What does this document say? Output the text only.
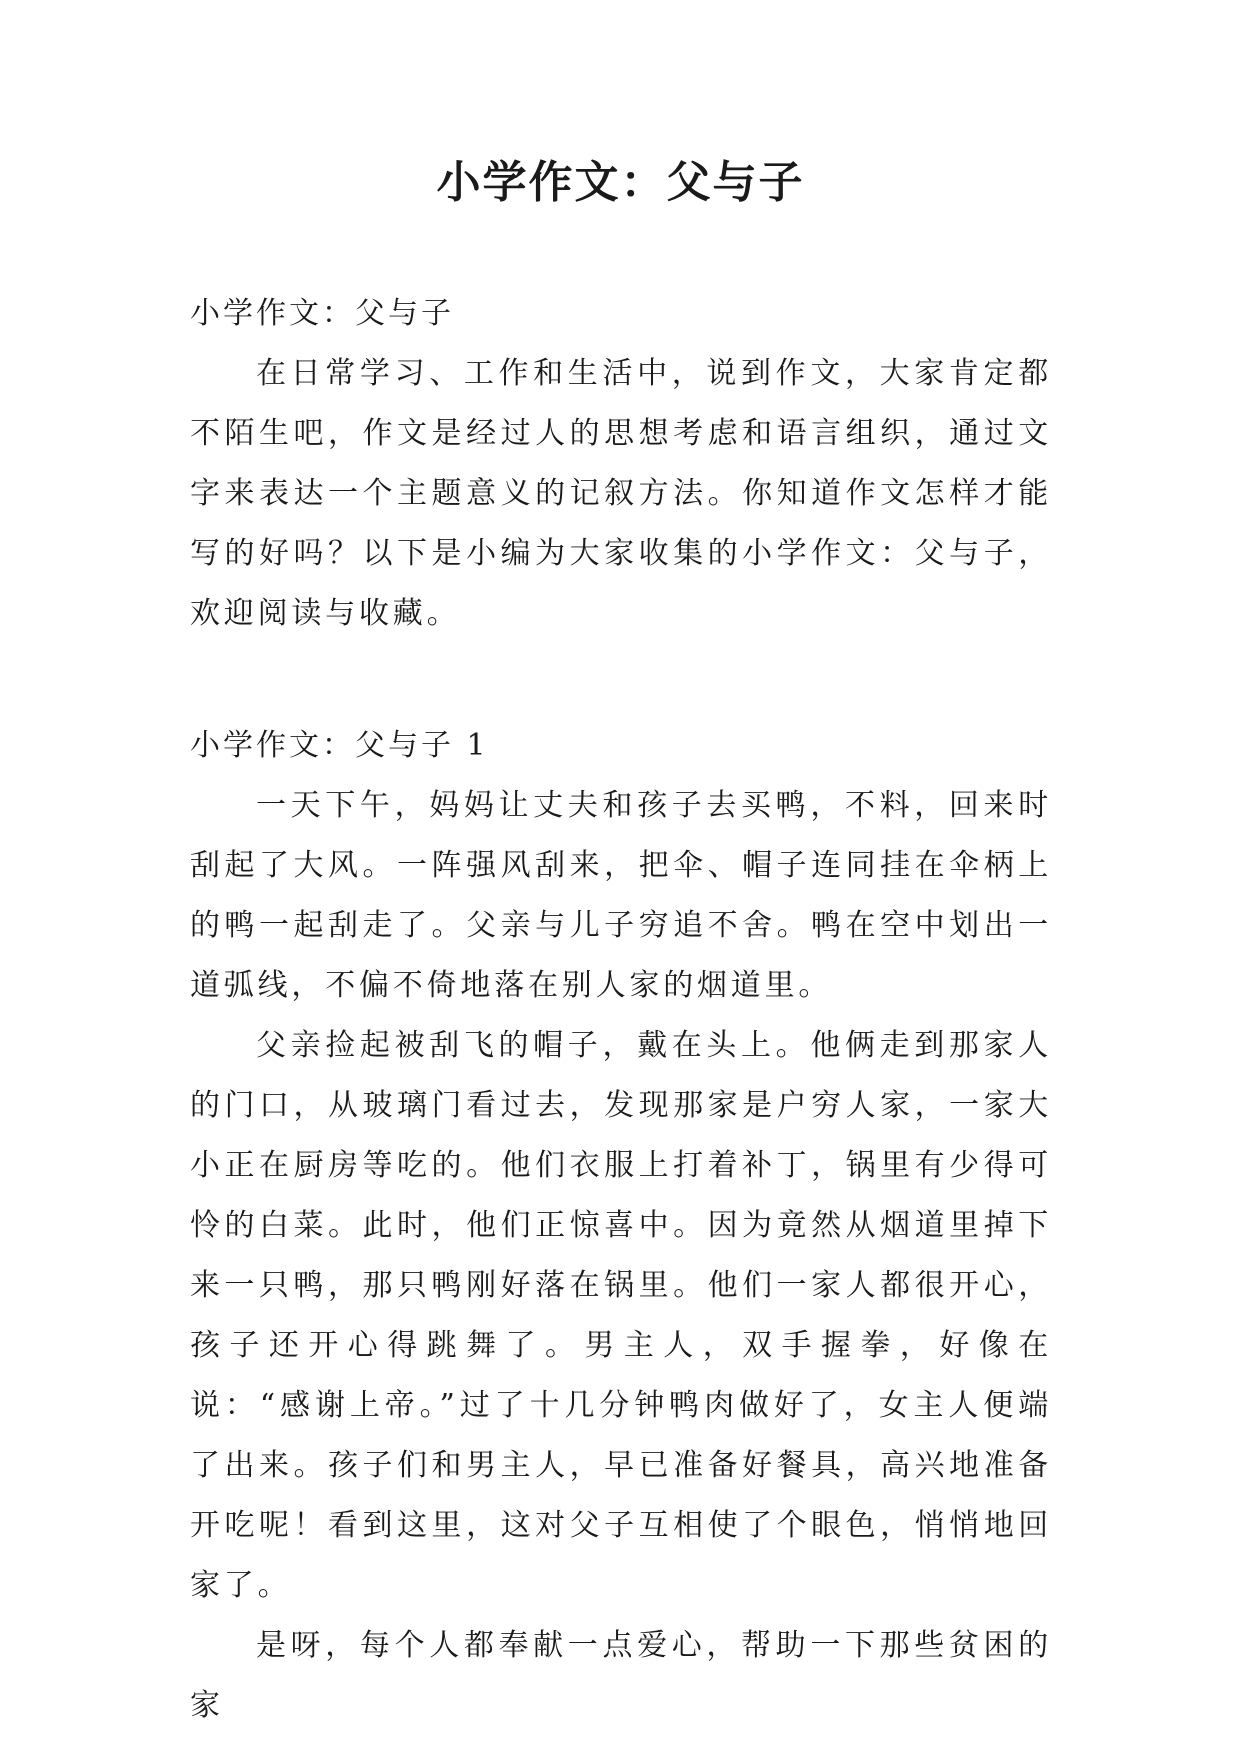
小学作文：父与子

小学作文：父与子

在日常学习、工作和生活中，说到作文，大家肯定都不陌生吧，作文是经过人的思想考虑和语言组织，通过文字来表达一个主题意义的记叙方法。你知道作文怎样才能写的好吗？以下是小编为大家收集的小学作文：父与子，欢迎阅读与收藏。

小学作文：父与子 1

一天下午，妈妈让丈夫和孩子去买鸭，不料，回来时刮起了大风。一阵强风刮来，把伞、帽子连同挂在伞柄上的鸭一起刮走了。父亲与儿子穷追不舍。鸭在空中划出一道弧线，不偏不倚地落在别人家的烟道里。

父亲捡起被刮飞的帽子，戴在头上。他俩走到那家人的门口，从玻璃门看过去，发现那家是户穷人家，一家大小正在厨房等吃的。他们衣服上打着补丁，锅里有少得可怜的白菜。此时，他们正惊喜中。因为竟然从烟道里掉下来一只鸭，那只鸭刚好落在锅里。他们一家人都很开心，孩子还开心得跳舞了。男主人，双手握拳，好像在说：“感谢上帝。”过了十几分钟鸭肉做好了，女主人便端了出来。孩子们和男主人，早已准备好餐具，高兴地准备开吃呢！看到这里，这对父子互相使了个眼色，悄悄地回家了。

是呀，每个人都奉献一点爱心，帮助一下那些贫困的家
